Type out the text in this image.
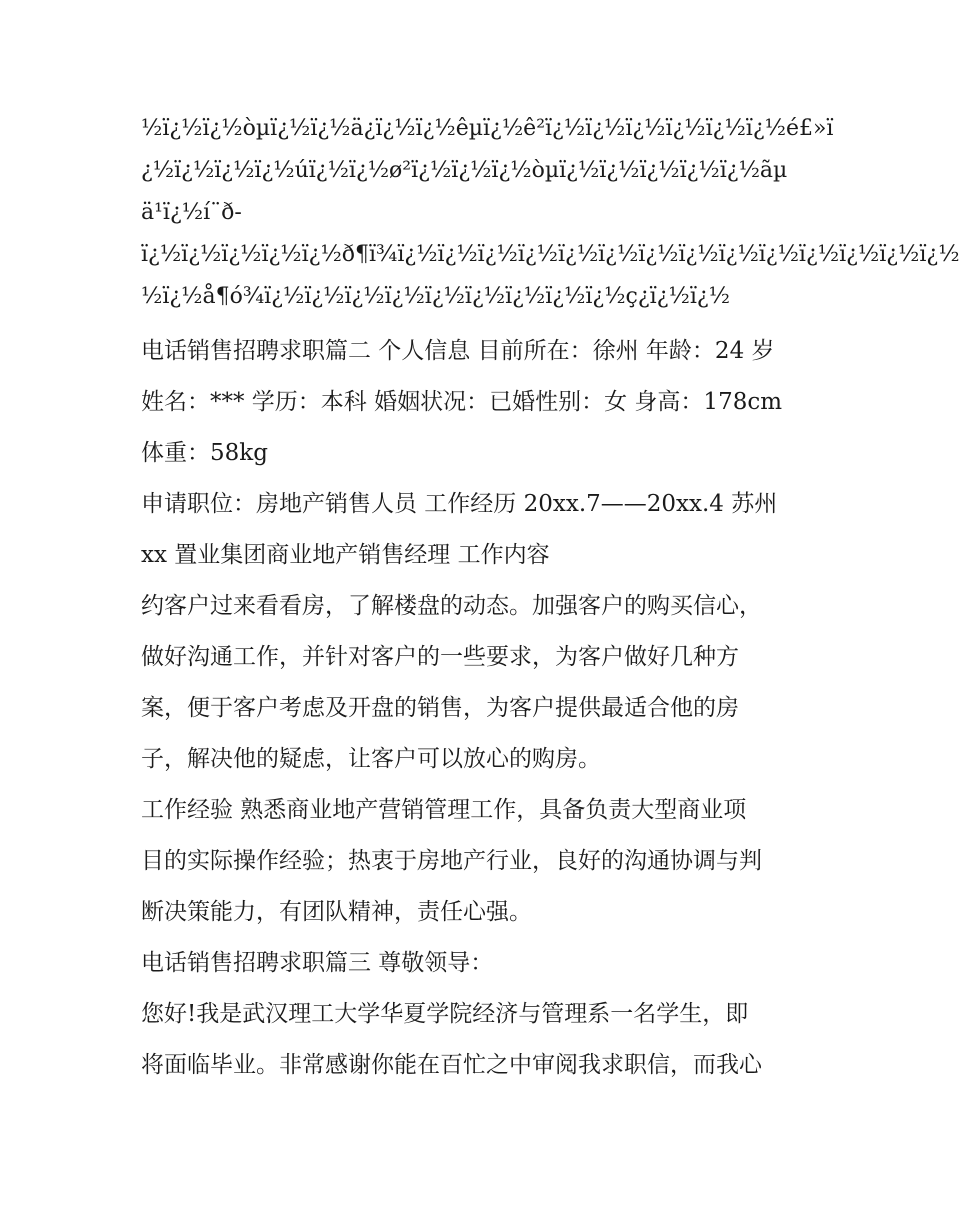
½ï¿½ï¿½òµï¿½ï¿½ä¿ï¿½ï¿½êµï¿½ê²ï¿½ï¿½ï¿½ï¿½ï¿½ï¿½é£»ï
¿½ï¿½ï¿½ï¿½úï¿½ï¿½ø²ï¿½ï¿½ï¿½òµï¿½ï¿½ï¿½ï¿½ï¿½ãµ
ä¹ï¿½í¨ð-
ï¿½ï¿½ï¿½ï¿½ï¿½ð¶ï¾ï¿½ï¿½ï¿½ï¿½ï¿½ï¿½ï¿½ï¿½ï¿½ï¿½ï¿½ï¿½ï¿½ï¿½
½ï¿½å¶ó¾ï¿½ï¿½ï¿½ï¿½ï¿½ï¿½ï¿½ï¿½ï¿½ç¿ï¿½ï¿½
电话销售招聘求职篇二 个人信息 目前所在：徐州 年龄：24 岁
姓名：*** 学历：本科 婚姻状况：已婚性别：女 身高：178cm
体重：58kg
申请职位：房地产销售人员 工作经历 20xx.7——20xx.4 苏州
xx 置业集团商业地产销售经理 工作内容
约客户过来看看房，了解楼盘的动态。加强客户的购买信心，
做好沟通工作，并针对客户的一些要求，为客户做好几种方
案，便于客户考虑及开盘的销售，为客户提供最适合他的房
子，解决他的疑虑，让客户可以放心的购房。
工作经验 熟悉商业地产营销管理工作，具备负责大型商业项
目的实际操作经验；热衷于房地产行业，良好的沟通协调与判
断决策能力，有团队精神，责任心强。
电话销售招聘求职篇三 尊敬领导：
您好!我是武汉理工大学华夏学院经济与管理系一名学生，即
将面临毕业。非常感谢你能在百忙之中审阅我求职信，而我心
